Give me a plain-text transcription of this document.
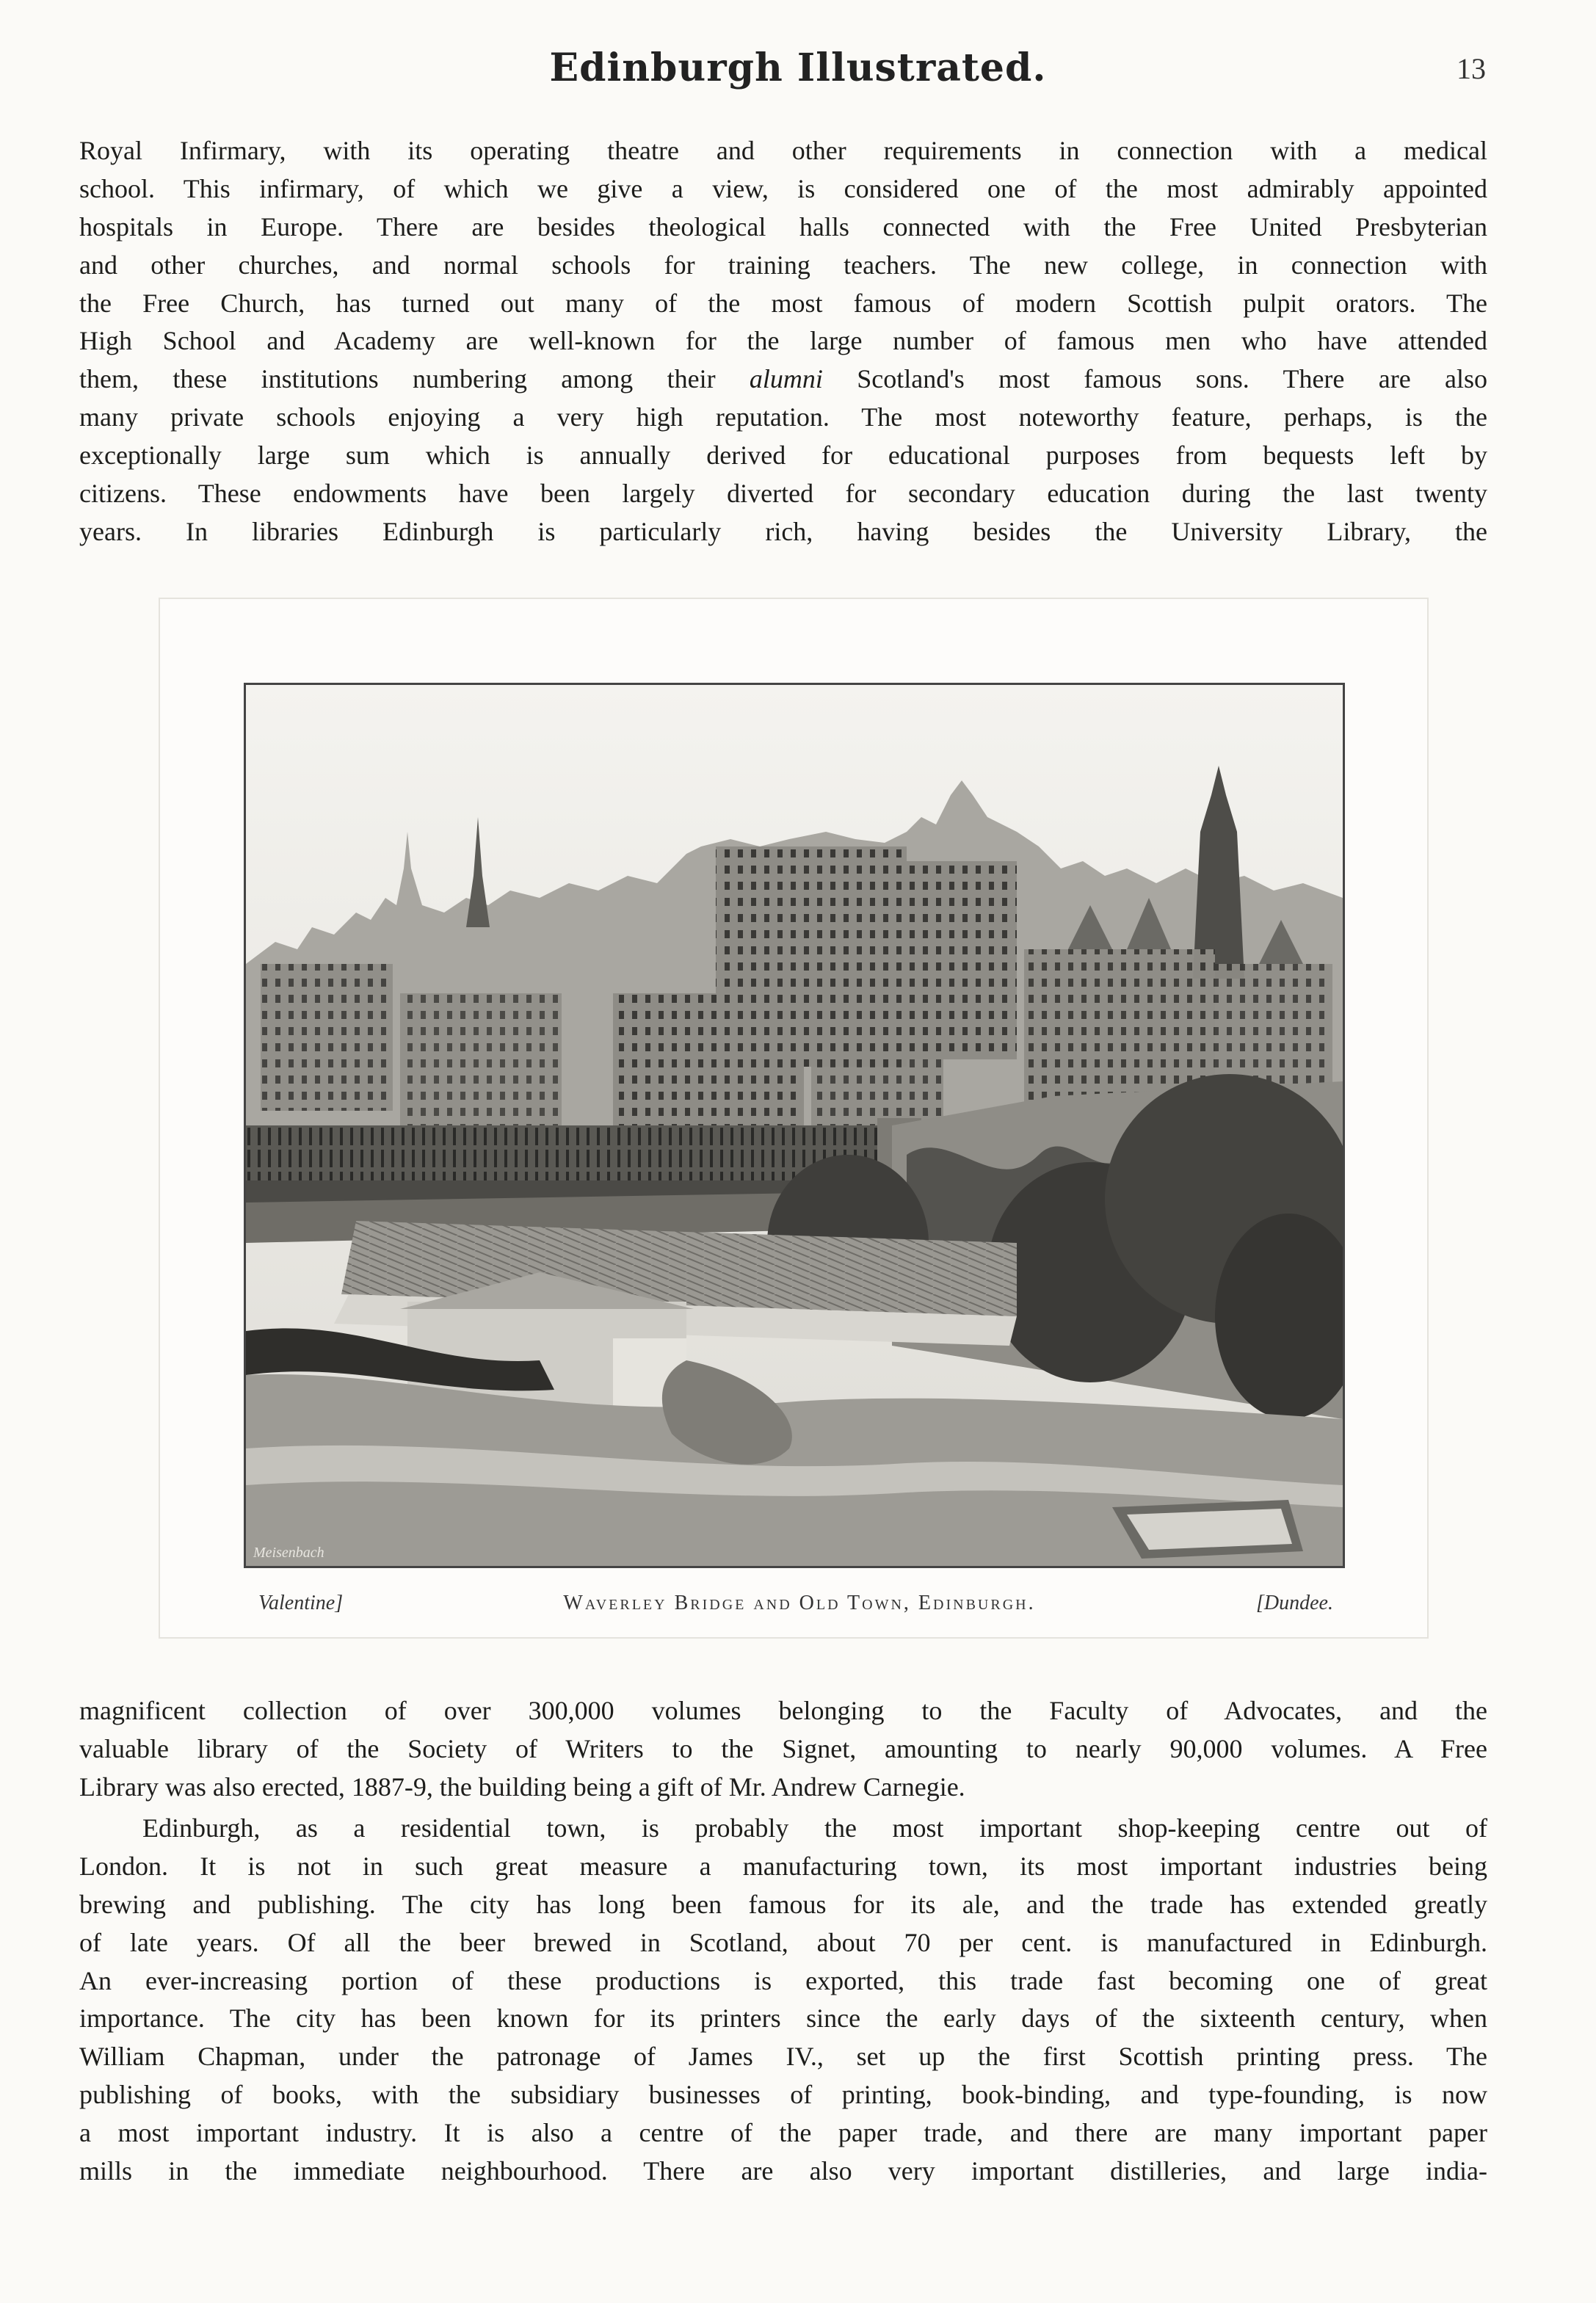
Edinburgh Illustrated.	13
Royal Infirmary, with its operating theatre and other requirements in connection with a medical
school. This infirmary, of which we give a view, is considered one of the most admirably appointed
hospitals in Europe. There are besides theological halls connected with the Free United Presbyterian
and other churches, and normal schools for training teachers. The new college, in connection with
the Free Church, has turned out many of the most famous of modern Scottish pulpit orators. The
High School and Academy are well-known for the large number of famous men who have attended
them, these institutions numbering among their alumni Scotland's most famous sons. There are also
many private schools enjoying a very high reputation. The most noteworthy feature, perhaps, is the
exceptionally large sum which is annually derived for educational purposes from bequests left by
citizens. These endowments have been largely diverted for secondary education during the last twenty
years. In libraries Edinburgh is particularly rich, having besides the University Library, the
Meisenbach
Valentine]	Waverley Bridge and Old Town, Edinburgh.	[Dundee.
magnificent collection of over 300,000 volumes belonging to the Faculty of Advocates, and the
valuable library of the Society of Writers to the Signet, amounting to nearly 90,000 volumes. A Free
Library was also erected, 1887-9, the building being a gift of Mr. Andrew Carnegie.
Edinburgh, as a residential town, is probably the most important shop-keeping centre out of
London. It is not in such great measure a manufacturing town, its most important industries being
brewing and publishing. The city has long been famous for its ale, and the trade has extended greatly
of late years. Of all the beer brewed in Scotland, about 70 per cent. is manufactured in Edinburgh.
An ever-increasing portion of these productions is exported, this trade fast becoming one of great
importance. The city has been known for its printers since the early days of the sixteenth century, when
William Chapman, under the patronage of James IV., set up the first Scottish printing press. The
publishing of books, with the subsidiary businesses of printing, book-binding, and type-founding, is now
a most important industry. It is also a centre of the paper trade, and there are many important paper
mills in the immediate neighbourhood. There are also very important distilleries, and large india-
